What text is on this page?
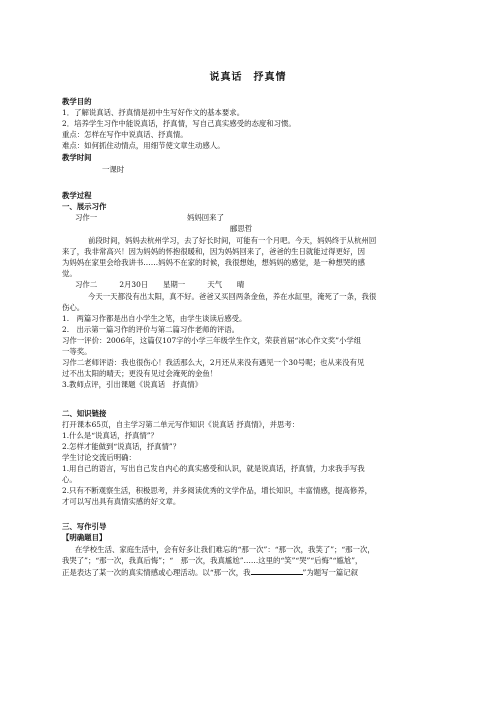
说真话　抒真情
教学目的
1．了解说真话、抒真情是初中生写好作文的基本要求。
2．培养学生习作中能说真话，抒真情，写自己真实感受的态度和习惯。
重点：怎样在写作中说真话、抒真情。
难点：如何抓住动情点，用细节使文章生动感人。
教学时间
一课时
教学过程
一、展示习作
习作一	妈妈回来了
郦思哲
前段时间，妈妈去杭州学习，去了好长时间，可能有一个月吧。今天，妈妈终于从杭州回
来了，我非常高兴！因为妈妈的怀抱很暖和，因为妈妈回来了，爸爸的生日就能过得更好，因
为妈妈在家里会给我讲书……妈妈不在家的时候，我很想她，想妈妈的感觉，是一种想哭的感
觉。
习作二　　　2月30日　　星期一　　　天气　　晴
今天一天都没有出太阳，真不好。爸爸又买回两条金鱼，养在水缸里，淹死了一条，我很
伤心。
1.　两篇习作都是出自小学生之笔，由学生谈读后感受。
2.　出示第一篇习作的评价与第二篇习作老师的评语。
习作一评价：2006年，这篇仅107字的小学三年级学生作文，荣获首届“冰心作文奖”小学组
一等奖。
习作二老师评语：我也很伤心！我活那么大，2月还从来没有遇见一个30号呢；也从来没有见
过不出太阳的晴天；更没有见过会淹死的金鱼！
3.教师点评，引出课题《说真话　抒真情》
二、知识链接
打开课本65页，自主学习第二单元写作知识《说真话 抒真情》，并思考：
1.什么是“说真话，抒真情”？
2.怎样才能做到“说真话，抒真情”？
学生讨论交流后明确：
1.用自己的语言，写出自己发自内心的真实感受和认识，就是说真话，抒真情，力求我手写我
心。
2.只有不断观察生活，积极思考，并多阅读优秀的文学作品，增长知识，丰富情感，提高修养，
才可以写出具有真情实感的好文章。
三、写作引导
【明确题目】
在学校生活、家庭生活中，会有好多让我们难忘的“那一次”：“那一次，我笑了”；“那一次，
我哭了”；“那一次，我真后悔”；“　那一次，我真尴尬”……这里的“笑”“哭”“后悔”“尴尬”，
正是表达了某一次的真实情感或心理活动。以“那一次，我	”为题写一篇记叙
